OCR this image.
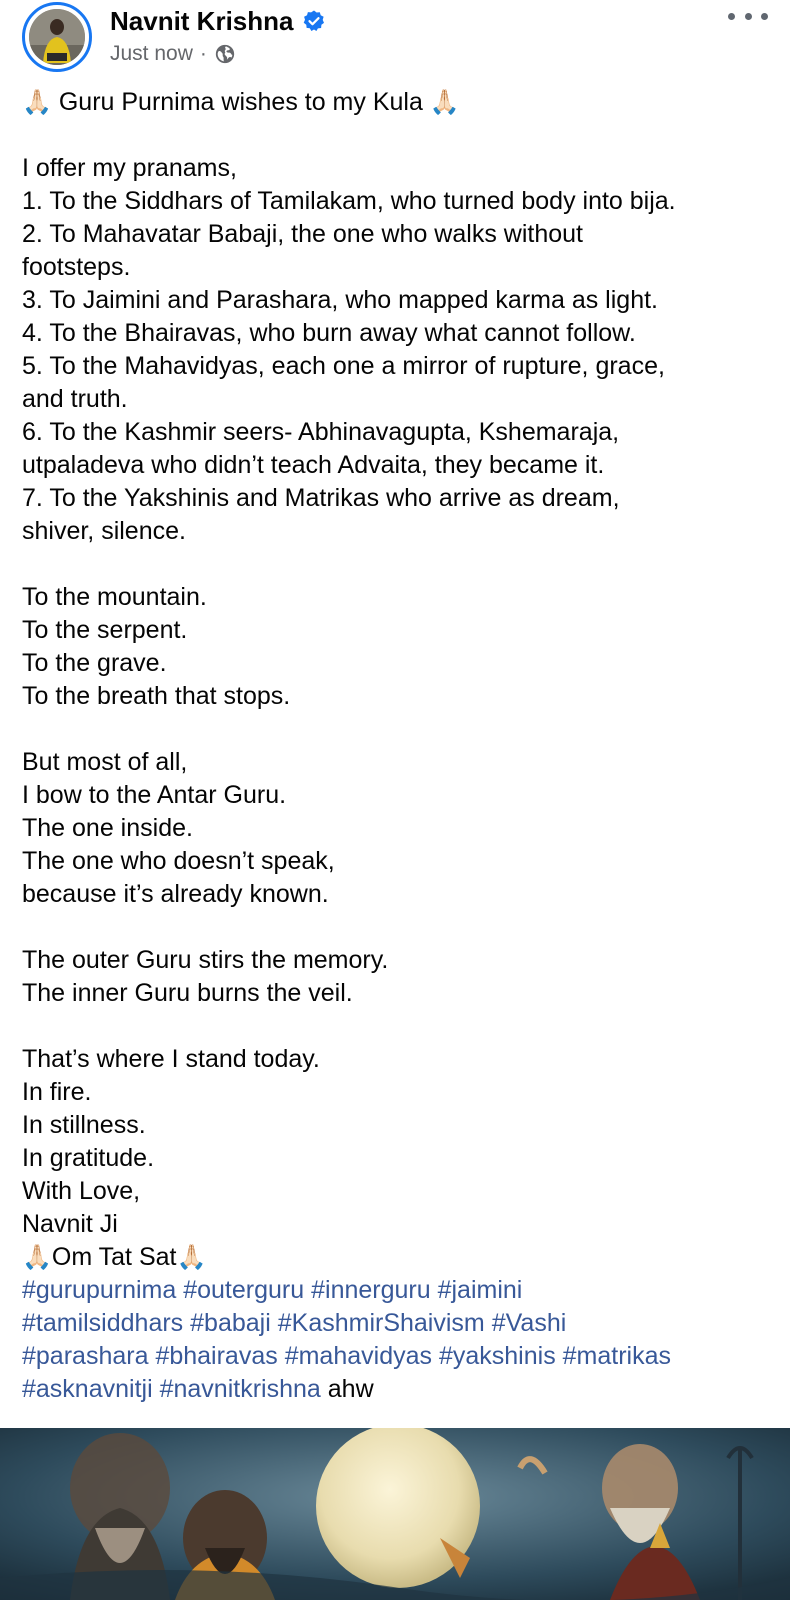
Navnit Krishna
Just now ·
🙏🏻 Guru Purnima wishes to my Kula 🙏🏻
I offer my pranams,
1. To the Siddhars of Tamilakam, who turned body into bija.
2. To Mahavatar Babaji, the one who walks without
footsteps.
3. To Jaimini and Parashara, who mapped karma as light.
4. To the Bhairavas, who burn away what cannot follow.
5. To the Mahavidyas, each one a mirror of rupture, grace,
and truth.
6. To the Kashmir seers- Abhinavagupta, Kshemaraja,
utpaladeva who didn’t teach Advaita, they became it.
7. To the Yakshinis and Matrikas who arrive as dream,
shiver, silence.
To the mountain.
To the serpent.
To the grave.
To the breath that stops.
But most of all,
I bow to the Antar Guru.
The one inside.
The one who doesn’t speak,
because it’s already known.
The outer Guru stirs the memory.
The inner Guru burns the veil.
That’s where I stand today.
In fire.
In stillness.
In gratitude.
With Love,
Navnit Ji
🙏🏻Om Tat Sat🙏🏻
#gurupurnima #outerguru #innerguru #jaimini
#tamilsiddhars #babaji #KashmirShaivism #Vashi
#parashara #bhairavas #mahavidyas #yakshinis #matrikas
#asknavnitji #navnitkrishna ahw
